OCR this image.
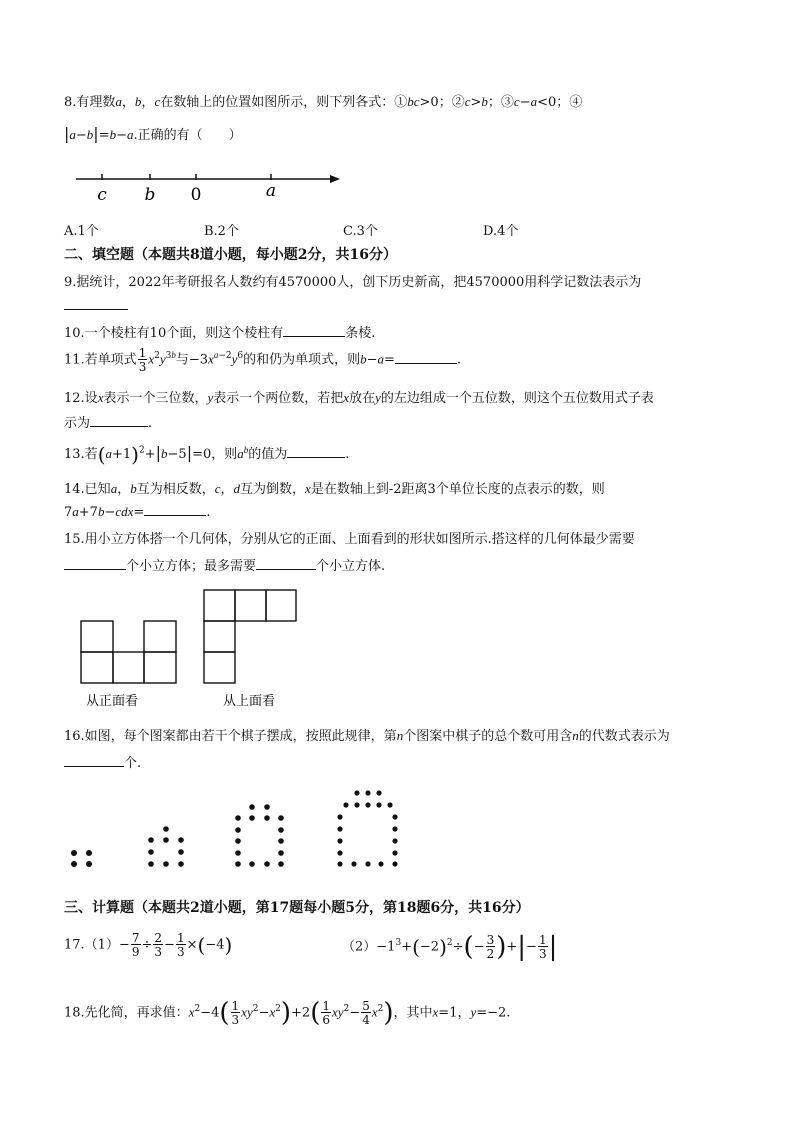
8.有理数a，b，c在数轴上的位置如图所示，则下列各式：①bc>0；②c>b；③c−a<0；④
|a−b|=b−a.正确的有（　　）
c b 0	a
A.1个	B.2个	C.3个	D.4个
二、填空题（本题共8道小题，每小题2分，共16分）
9.据统计，2022年考研报名人数约有4570000人，创下历史新高，把4570000用科学记数法表示为
10.一个棱柱有10个面，则这个棱柱有	条棱.
11.若单项式 $\frac{1}{3} x^2y^{3b}$与$-3x^{a-2}y^6$的和仍为单项式，则b−a=	.
12.设x表示一个三位数，y表示一个两位数，若把x放在y的左边组成一个五位数，则这个五位数用式子表
示为	.
13.若$(a+1)^2+|b-5|=0$，则$a^b$的值为	.
14.已知a，b互为相反数，c，d互为倒数，x是在数轴上到-2距离3个单位长度的点表示的数，则
7a+7b−cdx=	.
15.用小立方体搭一个几何体，分别从它的正面、上面看到的形状如图所示.搭这样的几何体最少需要
个小立方体；最多需要	个小立方体.
从正面看	从上面看
16.如图，每个图案都由若干个棋子摆成，按照此规律，第n个图案中棋子的总个数可用含n的代数式表示为
个.
三、计算题（本题共2道小题，第17题每小题5分，第18题6分，共16分）
$17.(1)- \frac{7}{9} \div \frac{2}{3} - \frac{1}{3} \times(-4)$	$(2)-1^3+(-2)^2\div(- \frac{3}{2}$ )+|− $\frac{1}{3}$ |
18.先化简，再求值：$x^2-4( \frac{1}{3} xy^2-x^2)+2( \frac{1}{6} xy^2- \frac{5}{4} x^2)$，其中x=1，y=−2.
